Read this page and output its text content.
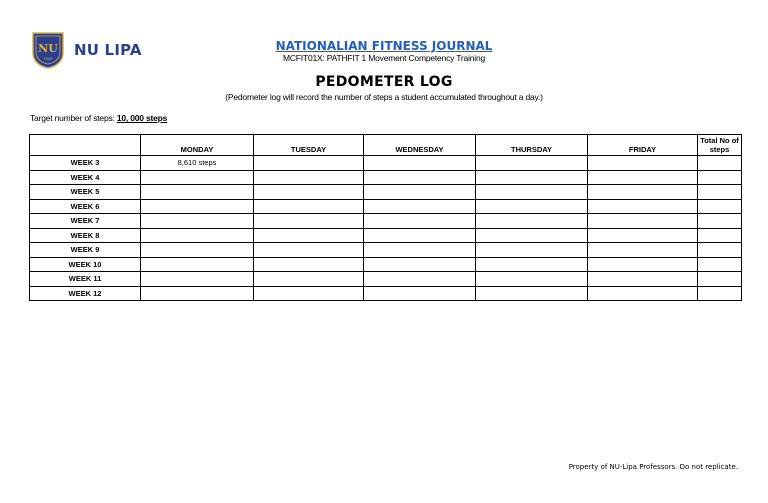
NU
1900 NU LIPA	NATIONALIAN FITNESS JOURNAL
MCFIT01X: PATHFIT 1 Movement Competency Training
PEDOMETER LOG
(Pedometer log will record the number of steps a student accumulated throughout a day.)
Target number of steps: 10, 000 steps
	MONDAY	TUESDAY	WEDNESDAY	THURSDAY	FRIDAY	Total No of steps
WEEK 3	8,610 steps					
WEEK 4						
WEEK 5						
WEEK 6						
WEEK 7						
WEEK 8						
WEEK 9						
WEEK 10						
WEEK 11						
WEEK 12						
Property of NU-Lipa Professors. Do not replicate.
